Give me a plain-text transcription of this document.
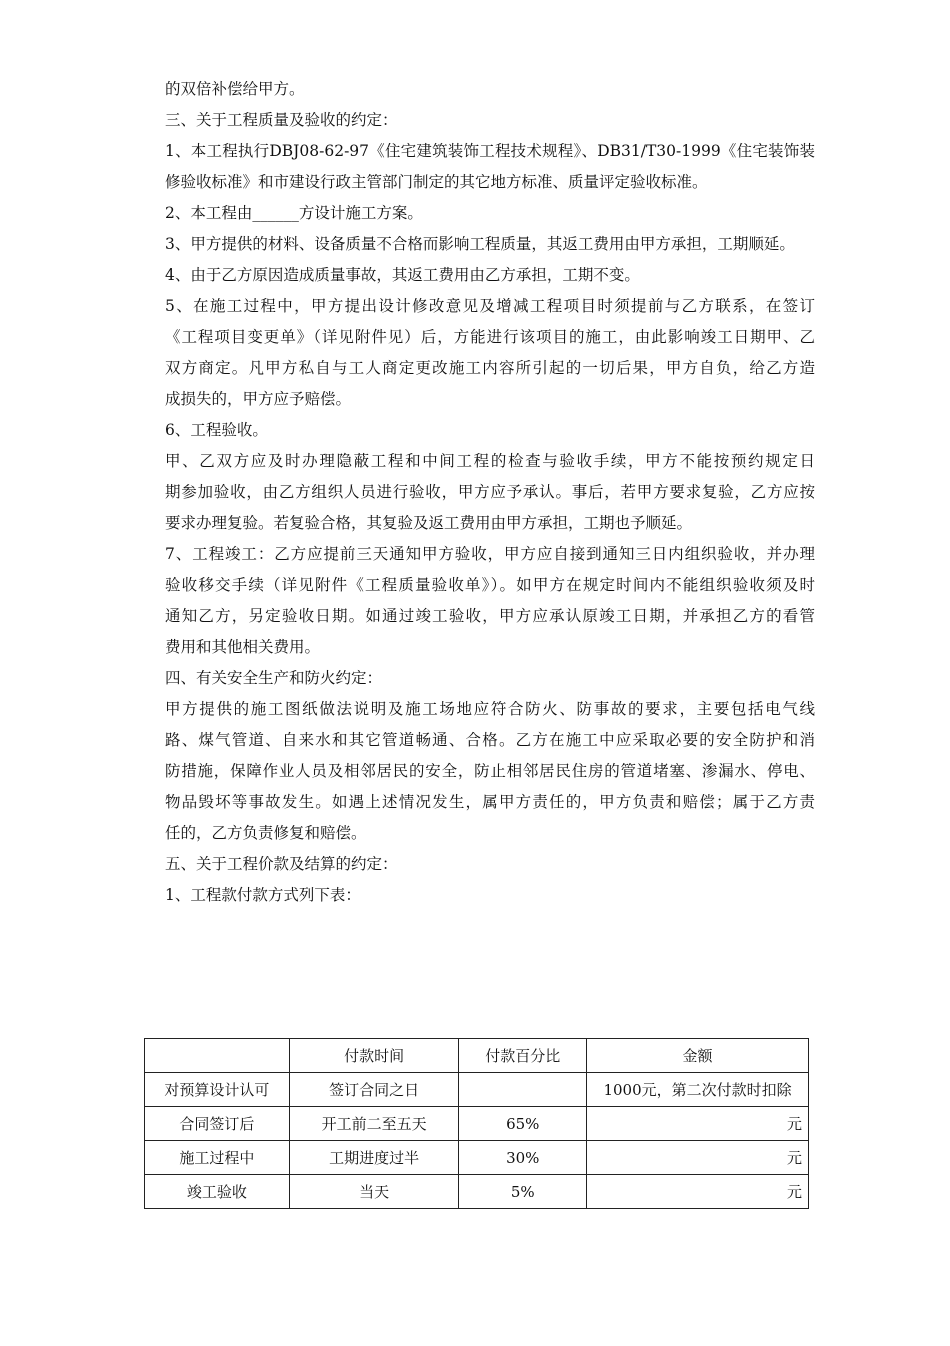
的双倍补偿给甲方。
三、关于工程质量及验收的约定：
1、本工程执行DBJ08-62-97《住宅建筑装饰工程技术规程》、DB31/T30-1999《住宅装饰装
修验收标准》和市建设行政主管部门制定的其它地方标准、质量评定验收标准。
2、本工程由______方设计施工方案。
3、甲方提供的材料、设备质量不合格而影响工程质量，其返工费用由甲方承担，工期顺延。
4、由于乙方原因造成质量事故，其返工费用由乙方承担，工期不变。
5、在施工过程中，甲方提出设计修改意见及增减工程项目时须提前与乙方联系，在签订
《工程项目变更单》（详见附件见）后，方能进行该项目的施工，由此影响竣工日期甲、乙
双方商定。凡甲方私自与工人商定更改施工内容所引起的一切后果，甲方自负，给乙方造
成损失的，甲方应予赔偿。
6、工程验收。
甲、乙双方应及时办理隐蔽工程和中间工程的检查与验收手续，甲方不能按预约规定日
期参加验收，由乙方组织人员进行验收，甲方应予承认。事后，若甲方要求复验，乙方应按
要求办理复验。若复验合格，其复验及返工费用由甲方承担，工期也予顺延。
7、工程竣工：乙方应提前三天通知甲方验收，甲方应自接到通知三日内组织验收，并办理
验收移交手续（详见附件《工程质量验收单》）。如甲方在规定时间内不能组织验收须及时
通知乙方，另定验收日期。如通过竣工验收，甲方应承认原竣工日期，并承担乙方的看管
费用和其他相关费用。
四、有关安全生产和防火约定：
甲方提供的施工图纸做法说明及施工场地应符合防火、防事故的要求，主要包括电气线
路、煤气管道、自来水和其它管道畅通、合格。乙方在施工中应采取必要的安全防护和消
防措施，保障作业人员及相邻居民的安全，防止相邻居民住房的管道堵塞、渗漏水、停电、
物品毁坏等事故发生。如遇上述情况发生，属甲方责任的，甲方负责和赔偿；属于乙方责
任的，乙方负责修复和赔偿。
五、关于工程价款及结算的约定：
1、工程款付款方式列下表：
	付款时间	付款百分比	金额
对预算设计认可	签订合同之日		1000元，第二次付款时扣除
合同签订后	开工前二至五天	65%	元
施工过程中	工期进度过半	30%	元
竣工验收	当天	5%	元
